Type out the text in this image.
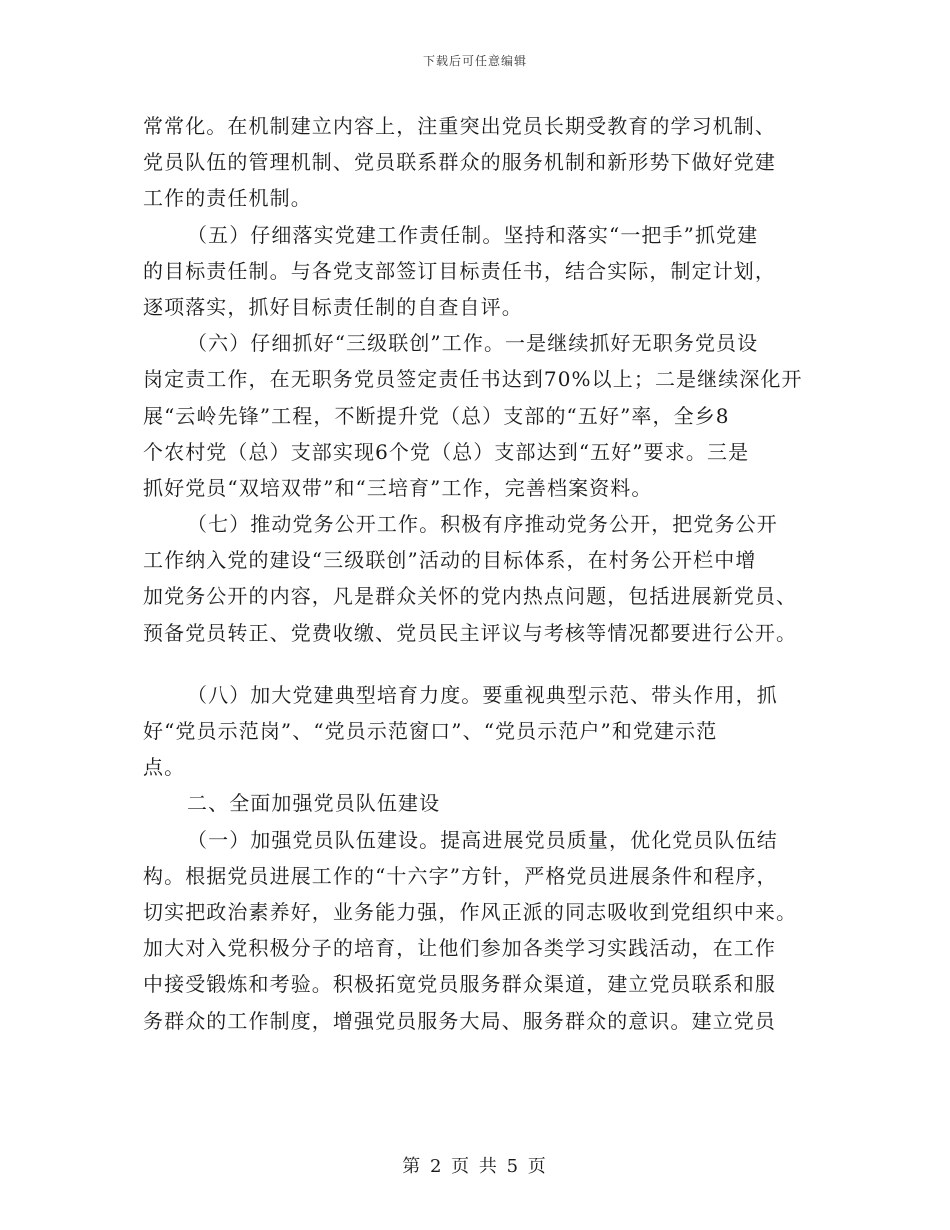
下载后可任意编辑
常常化。在机制建立内容上，注重突出党员长期受教育的学习机制、
党员队伍的管理机制、党员联系群众的服务机制和新形势下做好党建
工作的责任机制。
（五）仔细落实党建工作责任制。坚持和落实“一把手”抓党建
的目标责任制。与各党支部签订目标责任书，结合实际，制定计划，
逐项落实，抓好目标责任制的自查自评。
（六）仔细抓好“三级联创”工作。一是继续抓好无职务党员设
岗定责工作，在无职务党员签定责任书达到70%以上；二是继续深化开
展“云岭先锋”工程，不断提升党（总）支部的“五好”率，全乡8
个农村党（总）支部实现6个党（总）支部达到“五好”要求。三是
抓好党员“双培双带”和“三培育”工作，完善档案资料。
（七）推动党务公开工作。积极有序推动党务公开，把党务公开
工作纳入党的建设“三级联创”活动的目标体系，在村务公开栏中增
加党务公开的内容，凡是群众关怀的党内热点问题，包括进展新党员、
预备党员转正、党费收缴、党员民主评议与考核等情况都要进行公开。
（八）加大党建典型培育力度。要重视典型示范、带头作用，抓
好“党员示范岗”、“党员示范窗口”、“党员示范户”和党建示范
点。
二、全面加强党员队伍建设
（一）加强党员队伍建设。提高进展党员质量，优化党员队伍结
构。根据党员进展工作的“十六字”方针，严格党员进展条件和程序，
切实把政治素养好，业务能力强，作风正派的同志吸收到党组织中来。
加大对入党积极分子的培育，让他们参加各类学习实践活动，在工作
中接受锻炼和考验。积极拓宽党员服务群众渠道，建立党员联系和服
务群众的工作制度，增强党员服务大局、服务群众的意识。建立党员
第 2 页 共 5 页
